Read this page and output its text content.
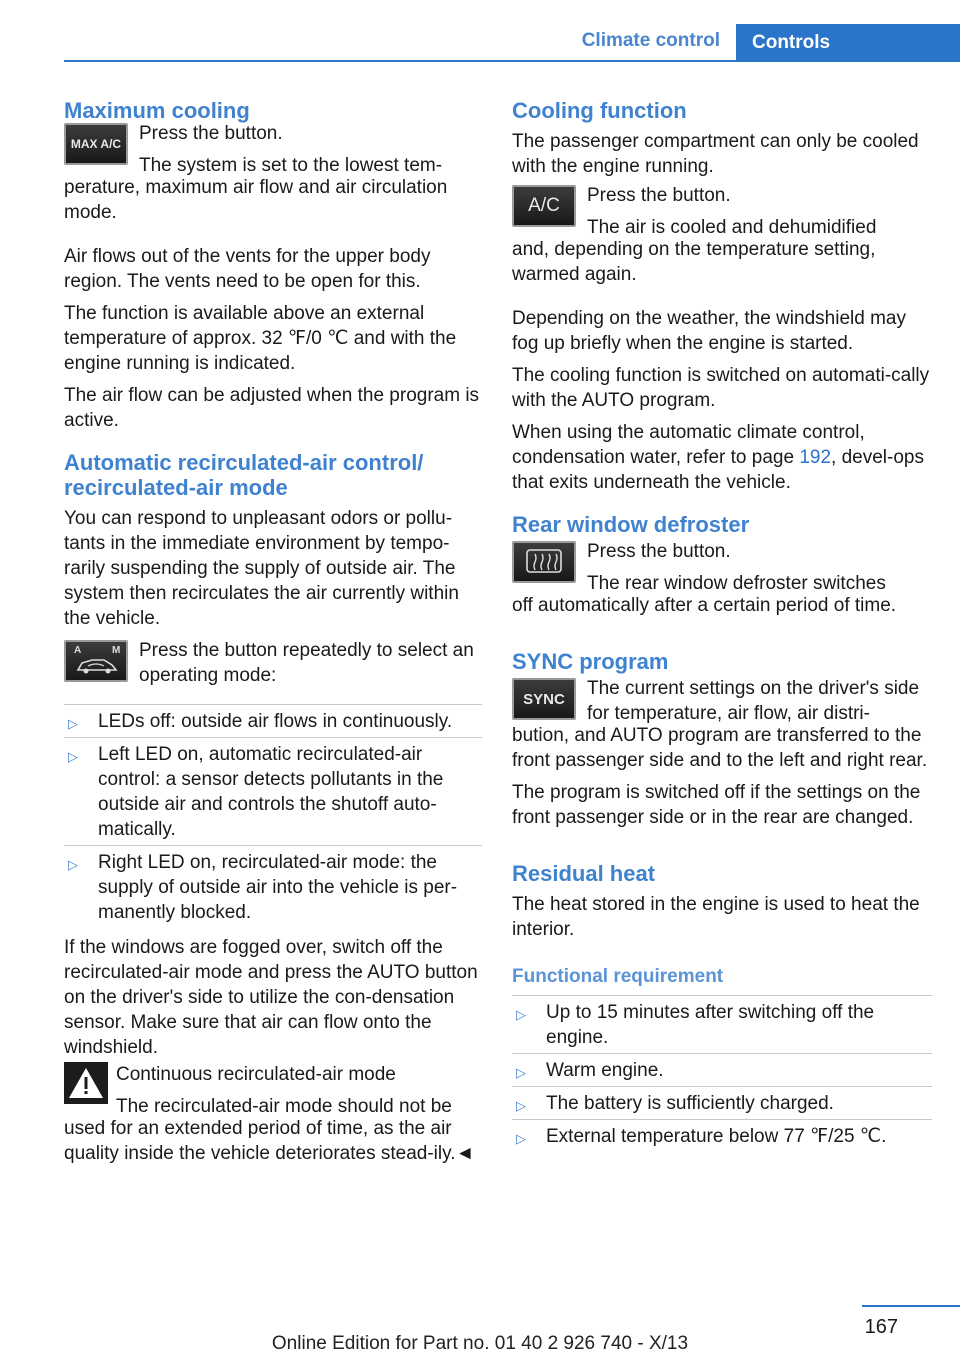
Climate control Controls
Maximum cooling
MAX A/C Press the button.
The system is set to the lowest tem-
perature, maximum air flow and air circulation mode.
Air flows out of the vents for the upper body region. The vents need to be open for this.
The function is available above an external temperature of approx. 32 ℉/0 ℃ and with the engine running is indicated.
The air flow can be adjusted when the program is active.
Automatic recirculated-air control/ recirculated-air mode
You can respond to unpleasant odors or pollu-tants in the immediate environment by tempo-rarily suspending the supply of outside air. The system then recirculates the air currently within the vehicle.
A	M Press the button repeatedly to select an operating mode:
▷ LEDs off: outside air flows in continuously.
▷ Left LED on, automatic recirculated-air control: a sensor detects pollutants in the outside air and controls the shutoff auto-matically.
▷ Right LED on, recirculated-air mode: the supply of outside air into the vehicle is per-manently blocked.
If the windows are fogged over, switch off the recirculated-air mode and press the AUTO button on the driver's side to utilize the con-densation sensor. Make sure that air can flow onto the windshield.
Continuous recirculated-air mode
The recirculated-air mode should not be
used for an extended period of time, as the air quality inside the vehicle deteriorates stead-ily.◄
Cooling function
The passenger compartment can only be cooled with the engine running.
A/C	Press the button.
The air is cooled and dehumidified
and, depending on the temperature setting, warmed again.
Depending on the weather, the windshield may fog up briefly when the engine is started.
The cooling function is switched on automati-cally with the AUTO program.
When using the automatic climate control, condensation water, refer to page 192, devel-ops that exits underneath the vehicle.
Rear window defroster
Press the button.
The rear window defroster switches
off automatically after a certain period of time.
SYNC program
SYNC	The current settings on the driver's side for temperature, air flow, air distri-
bution, and AUTO program are transferred to the front passenger side and to the left and right rear.
The program is switched off if the settings on the front passenger side or in the rear are changed.
Residual heat
The heat stored in the engine is used to heat the interior.
Functional requirement
▷ Up to 15 minutes after switching off the engine.
▷ Warm engine.
▷ The battery is sufficiently charged.
▷ External temperature below 77 ℉/25 ℃.
167
Online Edition for Part no. 01 40 2 926 740 - X/13
